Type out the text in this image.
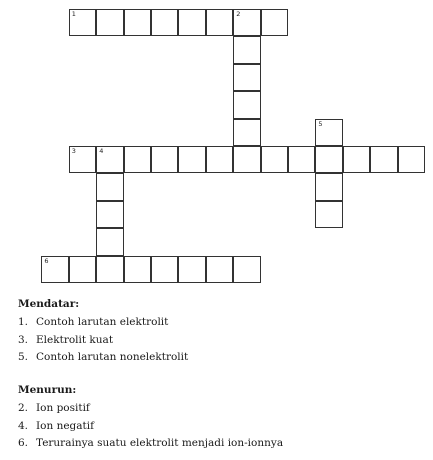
1	2
3	4
5
6

Mendatar:

1. Contoh larutan elektrolit
3. Elektrolit kuat
5. Contoh larutan nonelektrolit

Menurun:

2. Ion positif
4. Ion negatif
6. Terurainya suatu elektrolit menjadi ion-ionnya
